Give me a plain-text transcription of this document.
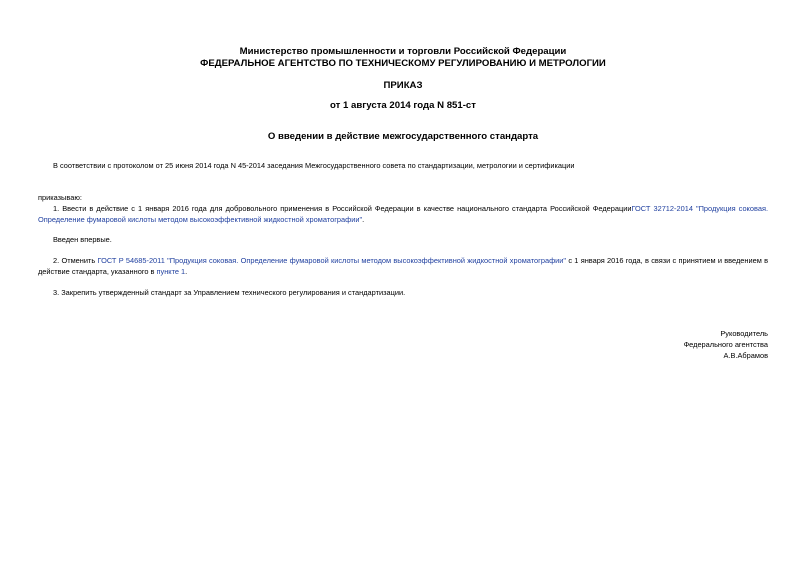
Министерство промышленности и торговли Российской Федерации
ФЕДЕРАЛЬНОЕ АГЕНТСТВО ПО ТЕХНИЧЕСКОМУ РЕГУЛИРОВАНИЮ И МЕТРОЛОГИИ
ПРИКАЗ
от 1 августа 2014 года N 851-ст
О введении в действие межгосударственного стандарта
В соответствии с протоколом от 25 июня 2014 года N 45-2014 заседания Межгосударственного совета по стандартизации, метрологии и сертификации
приказываю:
1. Ввести в действие с 1 января 2016 года для добровольного применения в Российской Федерации в качестве национального стандарта Российской ФедерацииГОСТ 32712-2014 "Продукция соковая. Определение фумаровой кислоты методом высокоэффективной жидкостной хроматографии".
Введен впервые.
2. Отменить ГОСТ Р 54685-2011 "Продукция соковая. Определение фумаровой кислоты методом высокоэффективной жидкостной хроматографии" с 1 января 2016 года, в связи с принятием и введением в действие стандарта, указанного в пункте 1.
3. Закрепить утвержденный стандарт за Управлением технического регулирования и стандартизации.
Руководитель
Федерального агентства
А.В.Абрамов
